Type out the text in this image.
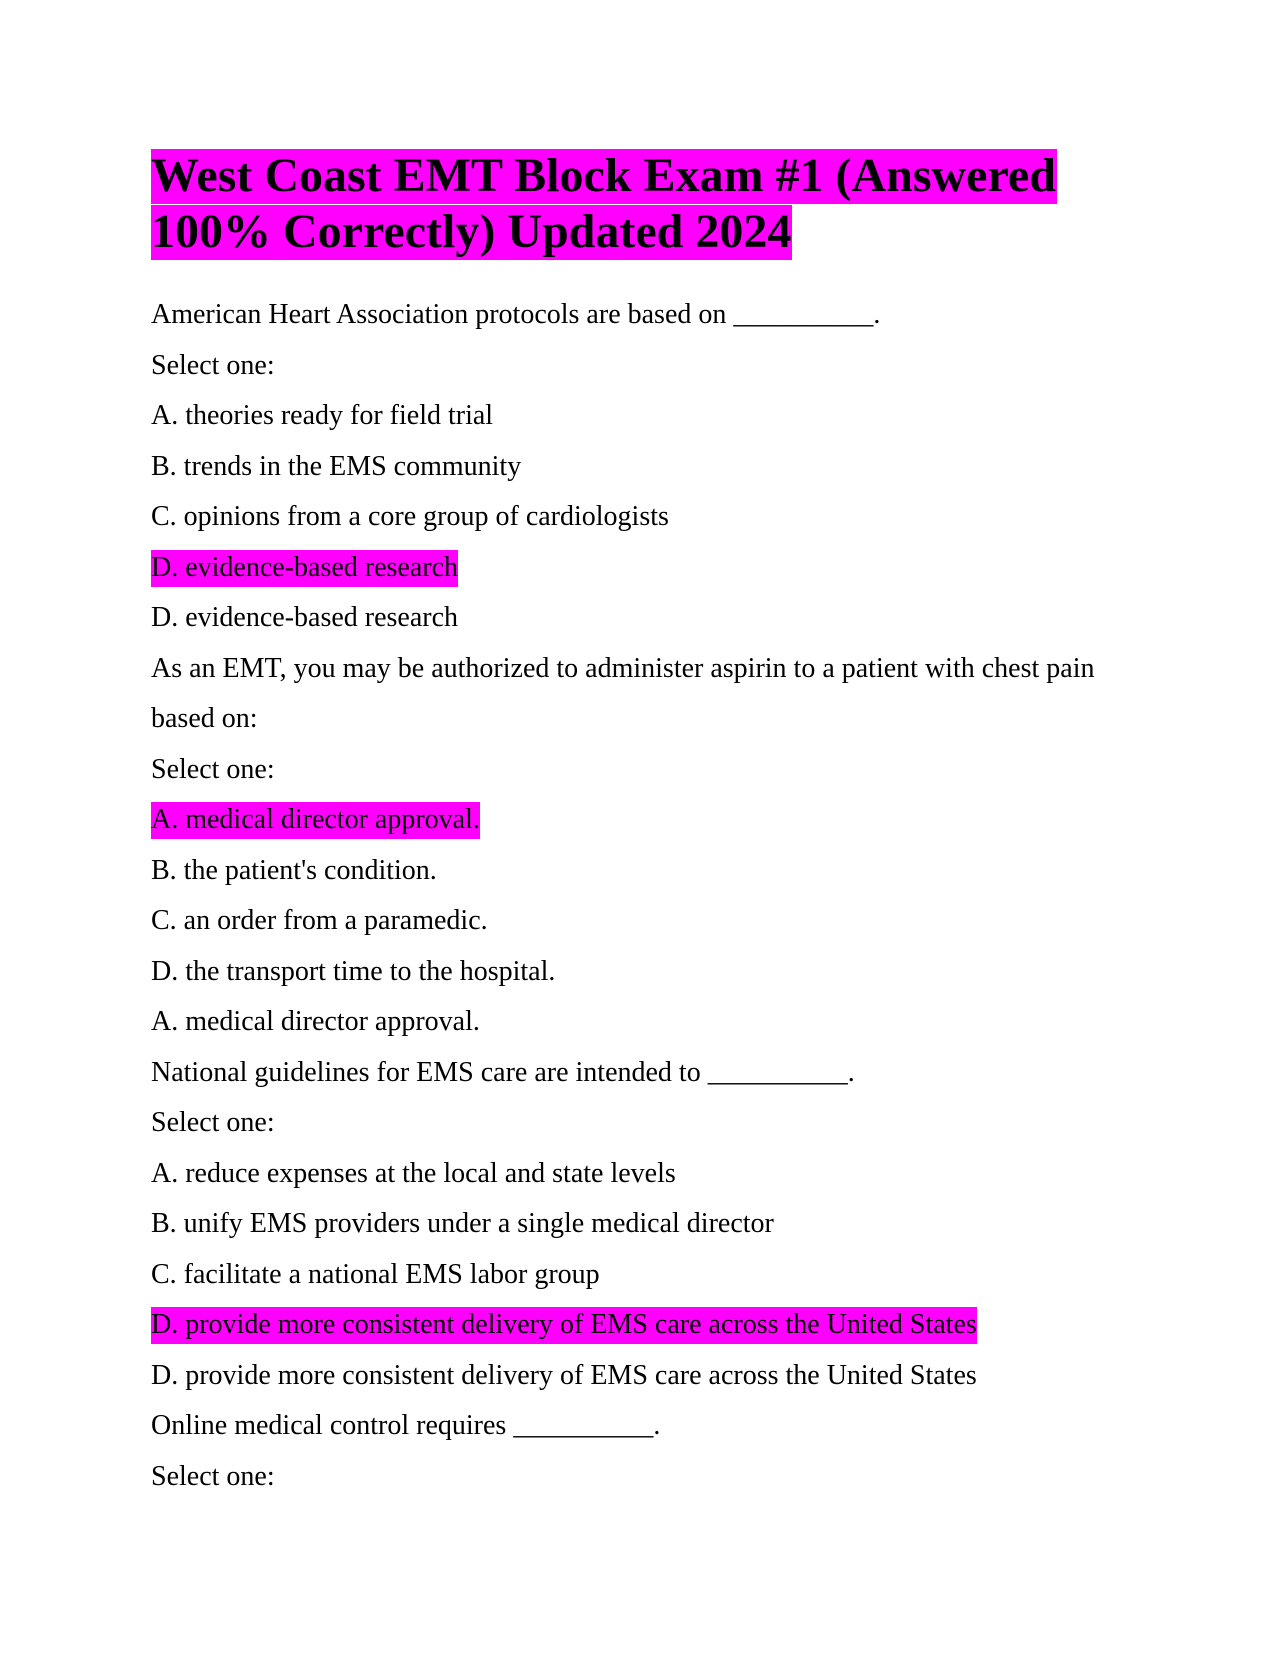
West Coast EMT Block Exam #1 (Answered 100% Correctly) Updated 2024

American Heart Association protocols are based on __________.

Select one:

A. theories ready for field trial

B. trends in the EMS community

C. opinions from a core group of cardiologists

D. evidence-based research

D. evidence-based research

As an EMT, you may be authorized to administer aspirin to a patient with chest pain based on:

Select one:

A. medical director approval.

B. the patient's condition.

C. an order from a paramedic.

D. the transport time to the hospital.

A. medical director approval.

National guidelines for EMS care are intended to __________.

Select one:

A. reduce expenses at the local and state levels

B. unify EMS providers under a single medical director

C. facilitate a national EMS labor group

D. provide more consistent delivery of EMS care across the United States

D. provide more consistent delivery of EMS care across the United States

Online medical control requires __________.

Select one:
